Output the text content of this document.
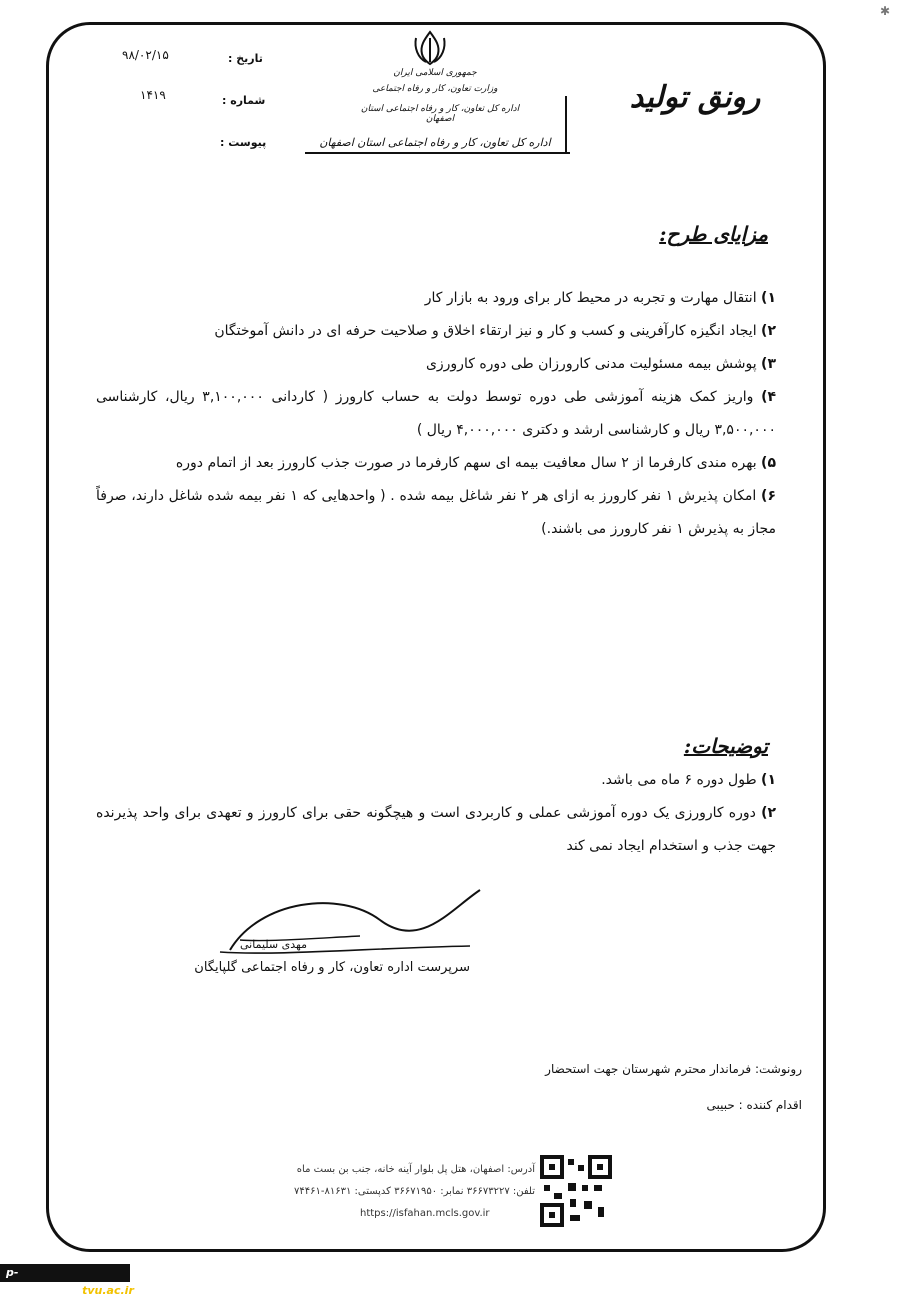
✱
تاریخ :
۹۸/۰۲/۱۵
شماره :
۱۴۱۹
پیوست :
جمهوری اسلامی ایران
وزارت تعاون، کار و رفاه اجتماعی
اداره کل تعاون، کار و رفاه اجتماعی استان اصفهان
اداره کل تعاون، کار و رفاه اجتماعی استان اصفهان
رونق تولید
مزایای طرح:
۱) انتقال مهارت و تجربه در محیط کار برای ورود به بازار کار
۲) ایجاد انگیزه کارآفرینی و کسب و کار و نیز ارتقاء اخلاق و صلاحیت حرفه ای در دانش آموختگان
۳) پوشش بیمه مسئولیت مدنی کارورزان طی دوره کارورزی
۴) واریز کمک هزینه آموزشی طی دوره توسط دولت به حساب کارورز ( کاردانی ۳,۱۰۰,۰۰۰ ریال، کارشناسی ۳,۵۰۰,۰۰۰ ریال و کارشناسی ارشد و دکتری ۴,۰۰۰,۰۰۰ ریال )
۵) بهره مندی کارفرما از ۲ سال معافیت بیمه ای سهم کارفرما در صورت جذب کارورز بعد از اتمام دوره
۶) امکان پذیرش ۱ نفر کارورز به ازای هر ۲ نفر شاغل بیمه شده . ( واحدهایی که ۱ نفر بیمه شده شاغل دارند، صرفاً مجاز به پذیرش ۱ نفر کارورز می باشند.)
توضیحات:
۱) طول دوره ۶ ماه می باشد.
۲) دوره کارورزی یک دوره آموزشی عملی و کاربردی است و هیچگونه حقی برای کارورز و تعهدی برای واحد پذیرنده جهت جذب و استخدام ایجاد نمی کند
مهدی سلیمانی
سرپرست اداره تعاون، کار و رفاه اجتماعی گلپایگان
رونوشت: فرماندار محترم شهرستان جهت استحضار
اقدام کننده : حبیبی
آدرس: اصفهان، هتل پل بلوار آینه خانه، جنب بن بست ماه
تلفن: ۳۶۶۷۳۲۲۷ نمابر: ۳۶۶۷۱۹۵۰ کدپستی: ۸۱۶۳۱-۷۴۴۶۱
https://isfahan.mcls.gov.ir
p-golpayegan.tvu.ac.ir
